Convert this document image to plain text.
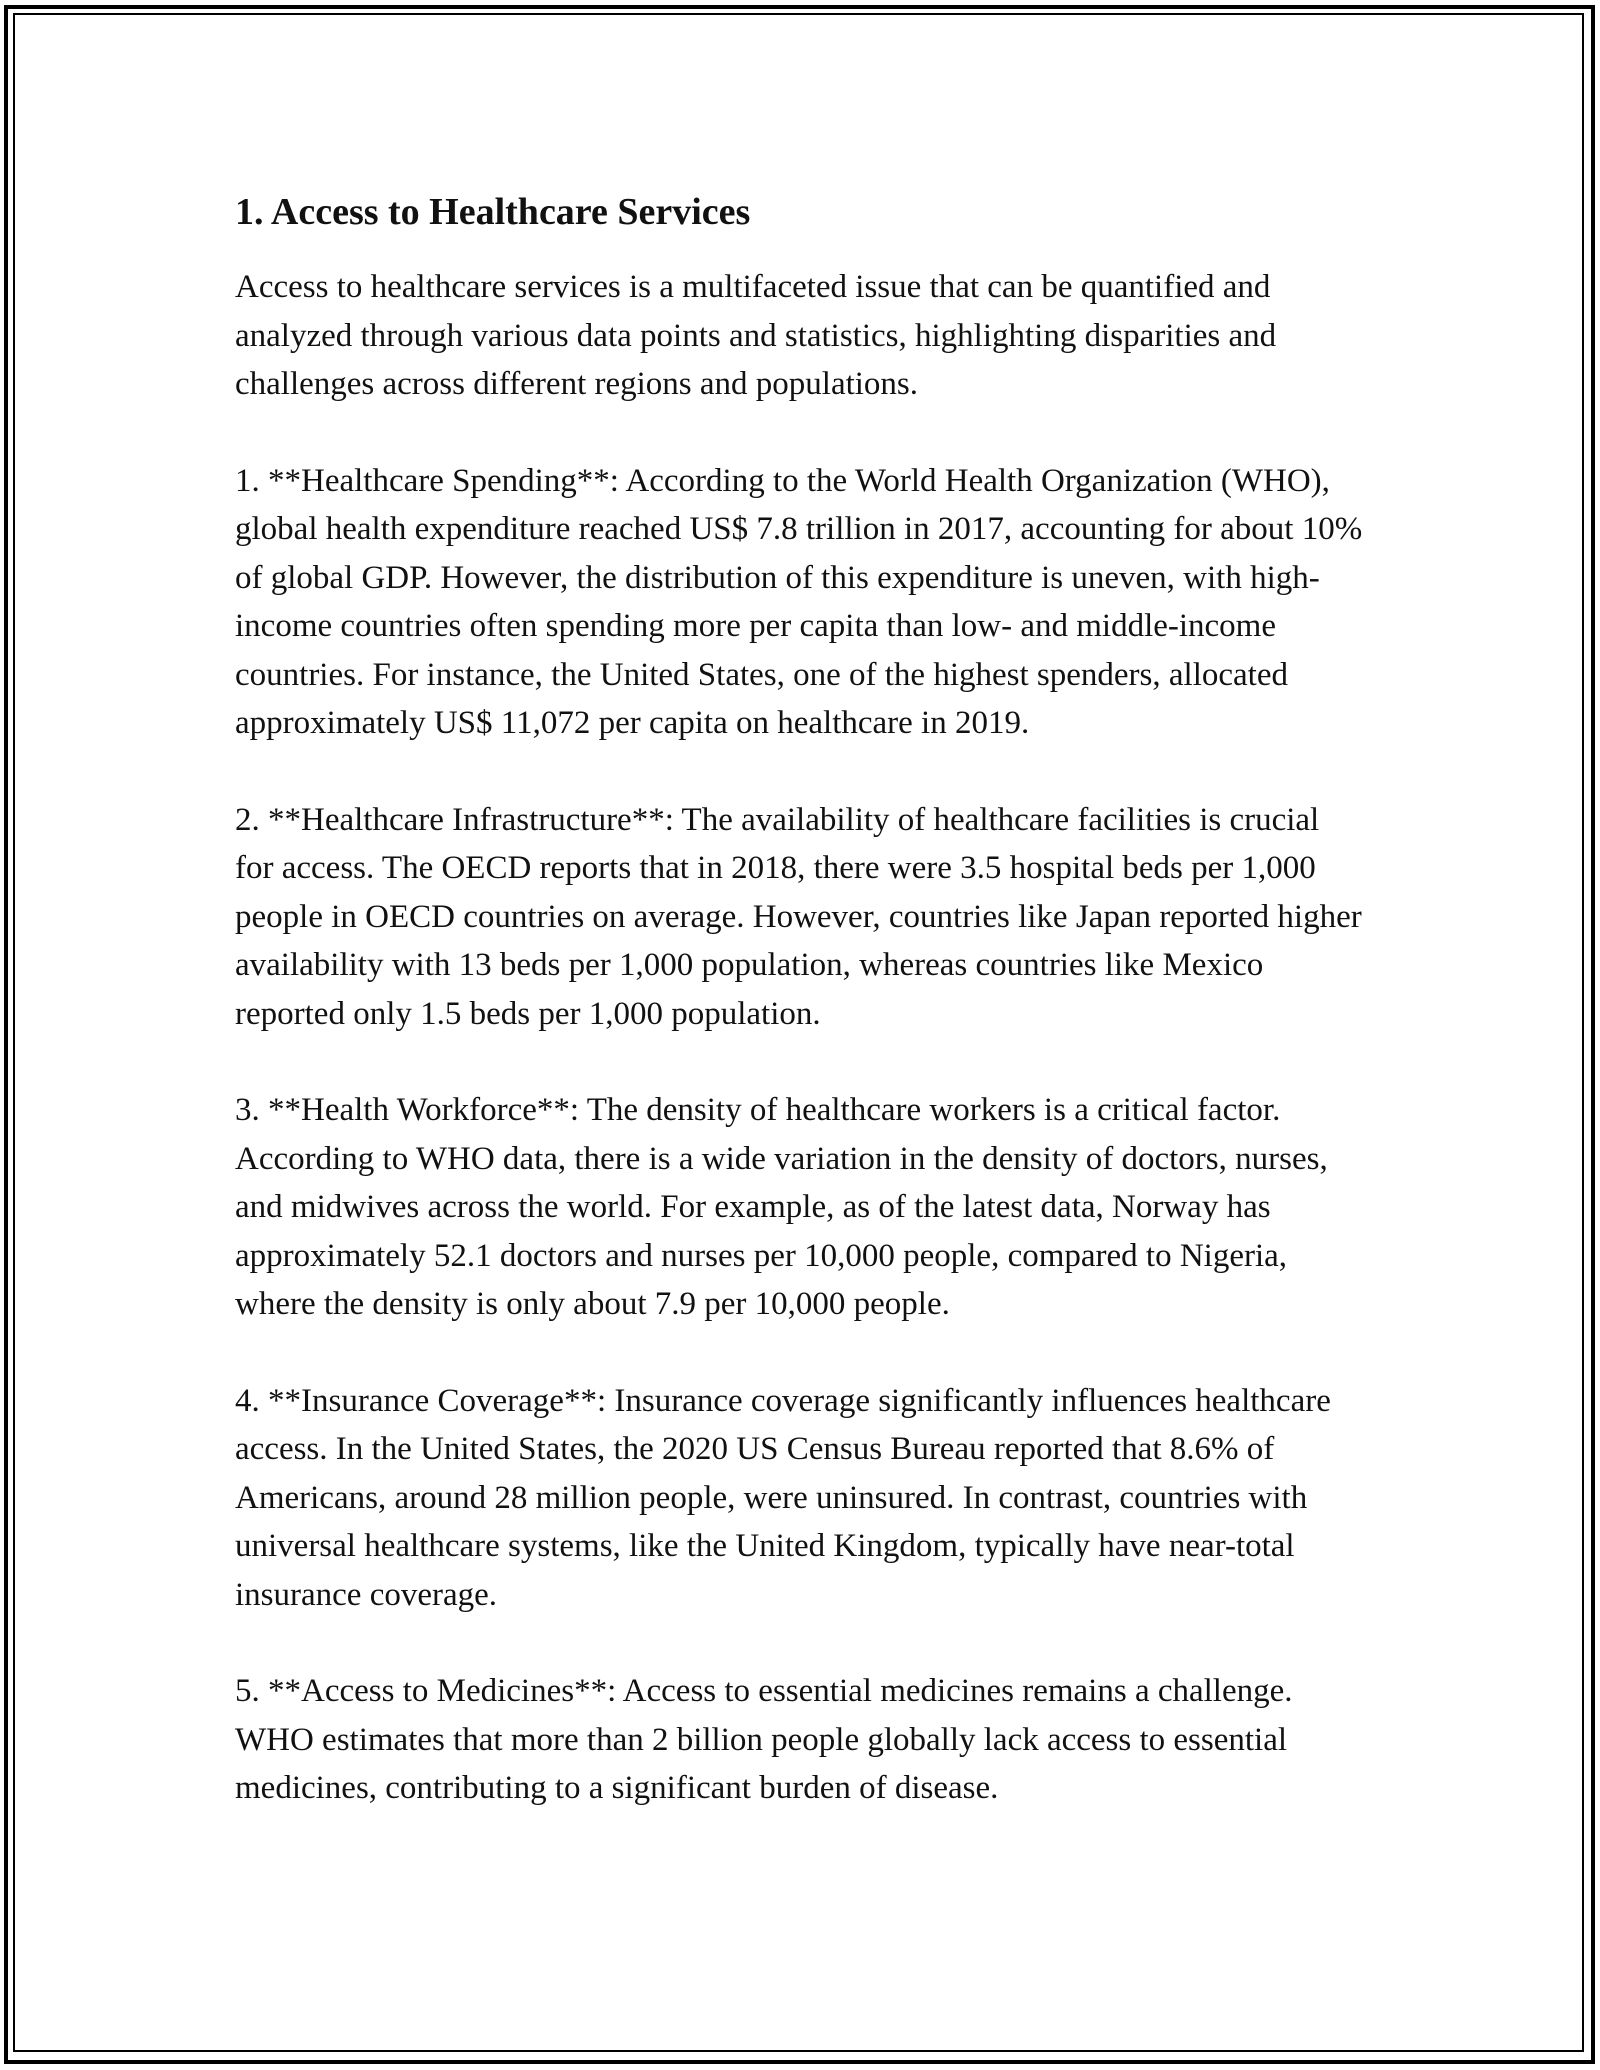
1. Access to Healthcare Services

Access to healthcare services is a multifaceted issue that can be quantified and analyzed through various data points and statistics, highlighting disparities and challenges across different regions and populations.

1. **Healthcare Spending**: According to the World Health Organization (WHO), global health expenditure reached US$ 7.8 trillion in 2017, accounting for about 10% of global GDP. However, the distribution of this expenditure is uneven, with high-income countries often spending more per capita than low- and middle-income countries. For instance, the United States, one of the highest spenders, allocated approximately US$ 11,072 per capita on healthcare in 2019.

2. **Healthcare Infrastructure**: The availability of healthcare facilities is crucial for access. The OECD reports that in 2018, there were 3.5 hospital beds per 1,000 people in OECD countries on average. However, countries like Japan reported higher availability with 13 beds per 1,000 population, whereas countries like Mexico reported only 1.5 beds per 1,000 population.

3. **Health Workforce**: The density of healthcare workers is a critical factor. According to WHO data, there is a wide variation in the density of doctors, nurses, and midwives across the world. For example, as of the latest data, Norway has approximately 52.1 doctors and nurses per 10,000 people, compared to Nigeria, where the density is only about 7.9 per 10,000 people.

4. **Insurance Coverage**: Insurance coverage significantly influences healthcare access. In the United States, the 2020 US Census Bureau reported that 8.6% of Americans, around 28 million people, were uninsured. In contrast, countries with universal healthcare systems, like the United Kingdom, typically have near-total insurance coverage.

5. **Access to Medicines**: Access to essential medicines remains a challenge. WHO estimates that more than 2 billion people globally lack access to essential medicines, contributing to a significant burden of disease.
